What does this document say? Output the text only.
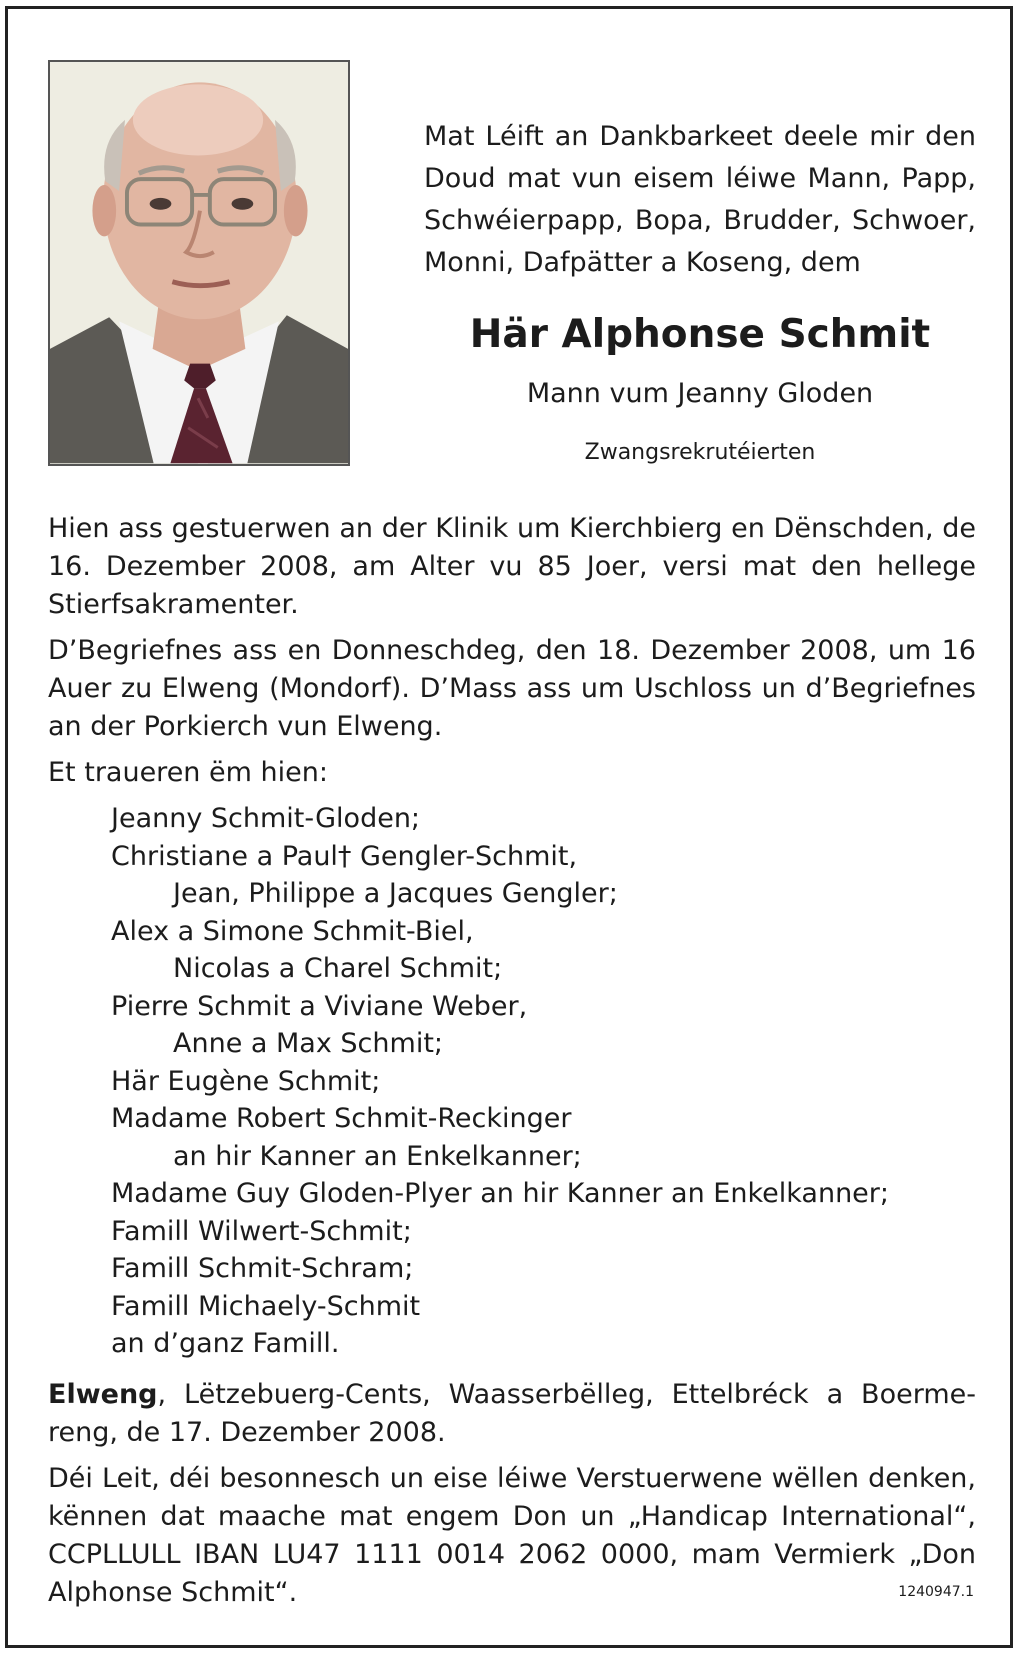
Mat Léift an Dankbarkeet deele mir den Doud mat vun eisem léiwe Mann, Papp, Schwéierpapp, Bopa, Brudder, Schwoer, Monni, Dafpätter a Koseng, dem

Här Alphonse Schmit

Mann vum Jeanny Gloden

Zwangsrekrutéierten

Hien ass gestuerwen an der Klinik um Kierchbierg en Dënschden, de 16. Dezember 2008, am Alter vu 85 Joer, versi mat den hellege Stierfsakramenter.

D’Begriefnes ass en Donneschdeg, den 18. Dezember 2008, um 16 Auer zu Elweng (Mondorf). D’Mass ass um Uschloss un d’Begriefnes an der Porkierch vun Elweng.

Et traueren ëm hien:

Jeanny Schmit-Gloden;
Christiane a Paul† Gengler-Schmit,
Jean, Philippe a Jacques Gengler;
Alex a Simone Schmit-Biel,
Nicolas a Charel Schmit;
Pierre Schmit a Viviane Weber,
Anne a Max Schmit;
Här Eugène Schmit;
Madame Robert Schmit-Reckinger
an hir Kanner an Enkelkanner;
Madame Guy Gloden-Plyer an hir Kanner an Enkelkanner;
Famill Wilwert-Schmit;
Famill Schmit-Schram;
Famill Michaely-Schmit
an d’ganz Famill.

Elweng, Lëtzebuerg-Cents, Waasserbëlleg, Ettelbréck a Boermereng, de 17. Dezember 2008.

Déi Leit, déi besonnesch un eise léiwe Verstuerwene wëllen denken, kënnen dat maache mat engem Don un „Handicap International“, CCPLLULL IBAN LU47 1111 0014 2062 0000, mam Vermierk „Don Alphonse Schmit“.	1240947.1
